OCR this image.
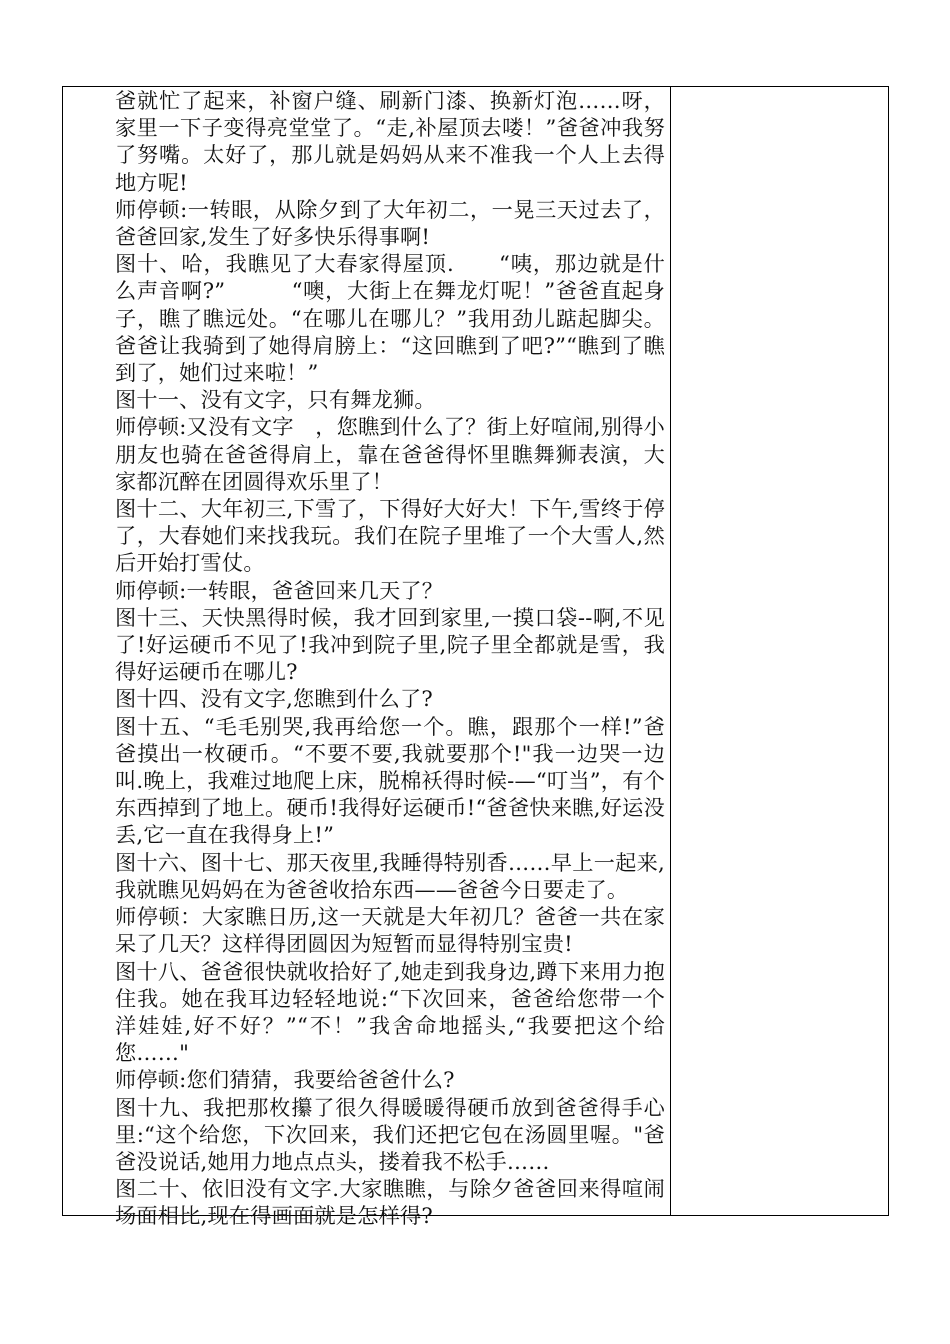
爸就忙了起来，补窗户缝、刷新门漆、换新灯泡……呀，家里一下子变得亮堂堂了。“走,补屋顶去喽！”爸爸冲我努了努嘴。太好了，那儿就是妈妈从来不准我一个人上去得地方呢!

师停顿:一转眼，从除夕到了大年初二，一晃三天过去了，爸爸回家,发生了好多快乐得事啊!

图十、哈，我瞧见了大春家得屋顶.　　“咦，那边就是什么声音啊?”　　　“噢，大街上在舞龙灯呢！”爸爸直起身子，瞧了瞧远处。“在哪儿在哪儿？”我用劲儿踮起脚尖。爸爸让我骑到了她得肩膀上：“这回瞧到了吧?”“瞧到了瞧到了，她们过来啦！”

图十一、没有文字，只有舞龙狮。

师停顿:又没有文字　，您瞧到什么了？街上好喧闹,别得小朋友也骑在爸爸得肩上，靠在爸爸得怀里瞧舞狮表演，大家都沉醉在团圆得欢乐里了！

图十二、大年初三,下雪了，下得好大好大！下午,雪终于停了，大春她们来找我玩。我们在院子里堆了一个大雪人,然后开始打雪仗。

师停顿:一转眼，爸爸回来几天了？

图十三、天快黑得时候，我才回到家里,一摸口袋--啊,不见了!好运硬币不见了!我冲到院子里,院子里全都就是雪，我得好运硬币在哪儿?

图十四、没有文字,您瞧到什么了?

图十五、“毛毛别哭,我再给您一个。瞧，跟那个一样!”爸爸摸出一枚硬币。“不要不要,我就要那个!"我一边哭一边叫.晚上，我难过地爬上床，脱棉袄得时候-—“叮当”，有个东西掉到了地上。硬币!我得好运硬币!“爸爸快来瞧,好运没丢,它一直在我得身上!”

图十六、图十七、那天夜里,我睡得特别香……早上一起来,我就瞧见妈妈在为爸爸收拾东西——爸爸今日要走了。

师停顿：大家瞧日历,这一天就是大年初几？爸爸一共在家呆了几天？这样得团圆因为短暂而显得特别宝贵!

图十八、爸爸很快就收拾好了,她走到我身边,蹲下来用力抱住我。她在我耳边轻轻地说:“下次回来，爸爸给您带一个洋娃娃,好不好？”“不！”我舍命地摇头,“我要把这个给您……"

师停顿:您们猜猜，我要给爸爸什么?

图十九、我把那枚攥了很久得暖暖得硬币放到爸爸得手心里:“这个给您，下次回来，我们还把它包在汤圆里喔。"爸爸没说话,她用力地点点头，搂着我不松手……

图二十、依旧没有文字.大家瞧瞧，与除夕爸爸回来得喧闹场面相比,现在得画面就是怎样得?
